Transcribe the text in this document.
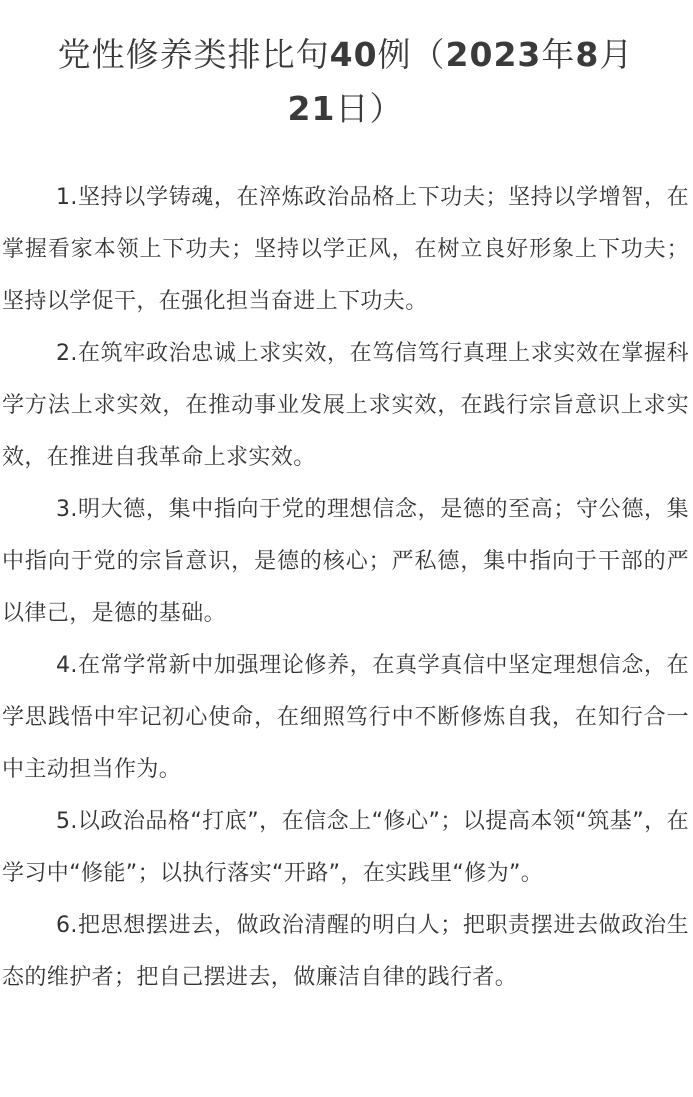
党性修养类排比句40例（2023年8月
21日）

1.坚持以学铸魂，在淬炼政治品格上下功夫；坚持以学增智，在掌握看家本领上下功夫；坚持以学正风，在树立良好形象上下功夫；坚持以学促干，在强化担当奋进上下功夫。

2.在筑牢政治忠诚上求实效，在笃信笃行真理上求实效在掌握科学方法上求实效，在推动事业发展上求实效，在践行宗旨意识上求实效，在推进自我革命上求实效。

3.明大德，集中指向于党的理想信念，是德的至高；守公德，集中指向于党的宗旨意识，是德的核心；严私德，集中指向于干部的严以律己，是德的基础。

4.在常学常新中加强理论修养，在真学真信中坚定理想信念，在学思践悟中牢记初心使命，在细照笃行中不断修炼自我，在知行合一中主动担当作为。

5.以政治品格“打底”，在信念上“修心”；以提高本领“筑基”，在学习中“修能”；以执行落实“开路”，在实践里“修为”。

6.把思想摆进去，做政治清醒的明白人；把职责摆进去做政治生态的维护者；把自己摆进去，做廉洁自律的践行者。
